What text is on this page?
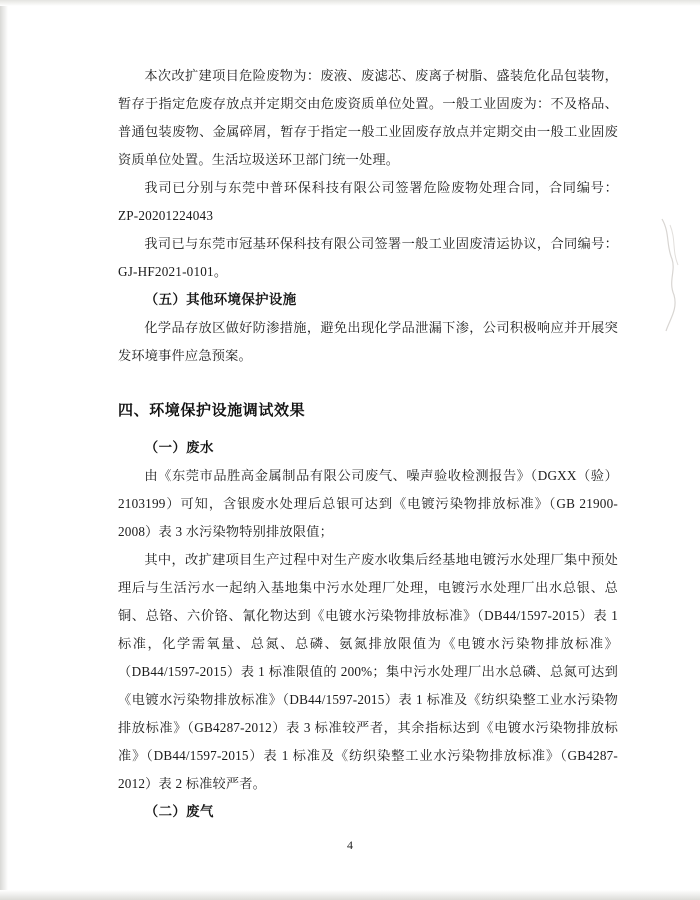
本次改扩建项目危险废物为：废液、废滤芯、废离子树脂、盛装危化品包装物，暂存于指定危废存放点并定期交由危废资质单位处置。一般工业固废为：不及格品、普通包装废物、金属碎屑，暂存于指定一般工业固废存放点并定期交由一般工业固废资质单位处置。生活垃圾送环卫部门统一处理。

我司已分别与东莞中普环保科技有限公司签署危险废物处理合同，合同编号：ZP-20201224043

我司已与东莞市冠基环保科技有限公司签署一般工业固废清运协议，合同编号：GJ-HF2021-0101。

（五）其他环境保护设施

化学品存放区做好防渗措施，避免出现化学品泄漏下渗，公司积极响应并开展突发环境事件应急预案。

四、环境保护设施调试效果

（一）废水

由《东莞市品胜高金属制品有限公司废气、噪声验收检测报告》（DGXX（验）2103199）可知，含银废水处理后总银可达到《电镀污染物排放标准》（GB 21900-2008）表 3 水污染物特别排放限值；

其中，改扩建项目生产过程中对生产废水收集后经基地电镀污水处理厂集中预处理后与生活污水一起纳入基地集中污水处理厂处理，电镀污水处理厂出水总银、总铜、总铬、六价铬、氰化物达到《电镀水污染物排放标准》（DB44/1597-2015）表 1 标准，化学需氧量、总氮、总磷、氨氮排放限值为《电镀水污染物排放标准》（DB44/1597-2015）表 1 标准限值的 200%；集中污水处理厂出水总磷、总氮可达到《电镀水污染物排放标准》（DB44/1597-2015）表 1 标准及《纺织染整工业水污染物排放标准》（GB4287-2012）表 3 标准较严者，其余指标达到《电镀水污染物排放标准》（DB44/1597-2015）表 1 标准及《纺织染整工业水污染物排放标准》（GB4287-2012）表 2 标准较严者。

（二）废气

4
